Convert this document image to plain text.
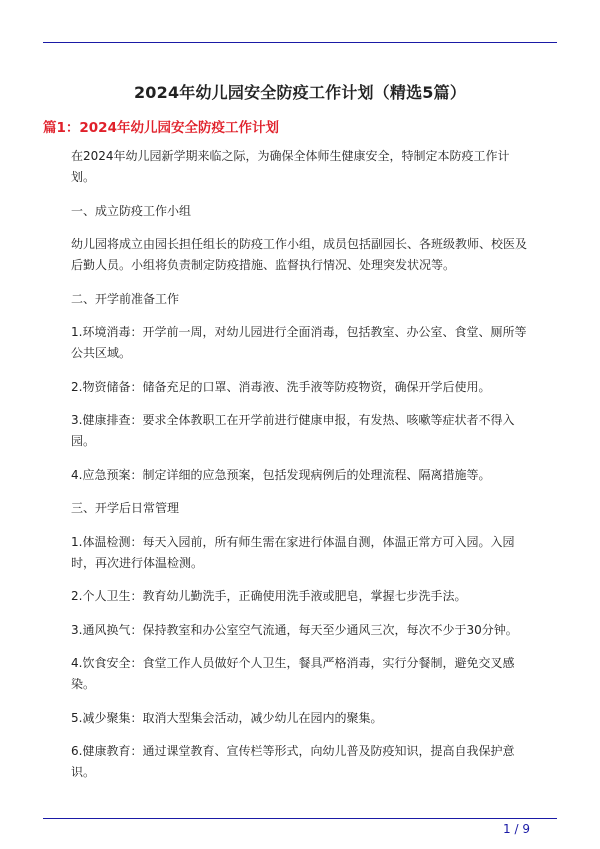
2024年幼儿园安全防疫工作计划（精选5篇）
篇1：2024年幼儿园安全防疫工作计划

在2024年幼儿园新学期来临之际，为确保全体师生健康安全，特制定本防疫工作计划。

一、成立防疫工作小组

幼儿园将成立由园长担任组长的防疫工作小组，成员包括副园长、各班级教师、校医及后勤人员。小组将负责制定防疫措施、监督执行情况、处理突发状况等。

二、开学前准备工作

1.环境消毒：开学前一周，对幼儿园进行全面消毒，包括教室、办公室、食堂、厕所等公共区域。

2.物资储备：储备充足的口罩、消毒液、洗手液等防疫物资，确保开学后使用。

3.健康排查：要求全体教职工在开学前进行健康申报，有发热、咳嗽等症状者不得入园。

4.应急预案：制定详细的应急预案，包括发现病例后的处理流程、隔离措施等。

三、开学后日常管理

1.体温检测：每天入园前，所有师生需在家进行体温自测，体温正常方可入园。入园时，再次进行体温检测。

2.个人卫生：教育幼儿勤洗手，正确使用洗手液或肥皂，掌握七步洗手法。

3.通风换气：保持教室和办公室空气流通，每天至少通风三次，每次不少于30分钟。

4.饮食安全：食堂工作人员做好个人卫生，餐具严格消毒，实行分餐制，避免交叉感染。

5.减少聚集：取消大型集会活动，减少幼儿在园内的聚集。

6.健康教育：通过课堂教育、宣传栏等形式，向幼儿普及防疫知识，提高自我保护意识。

1 / 9
